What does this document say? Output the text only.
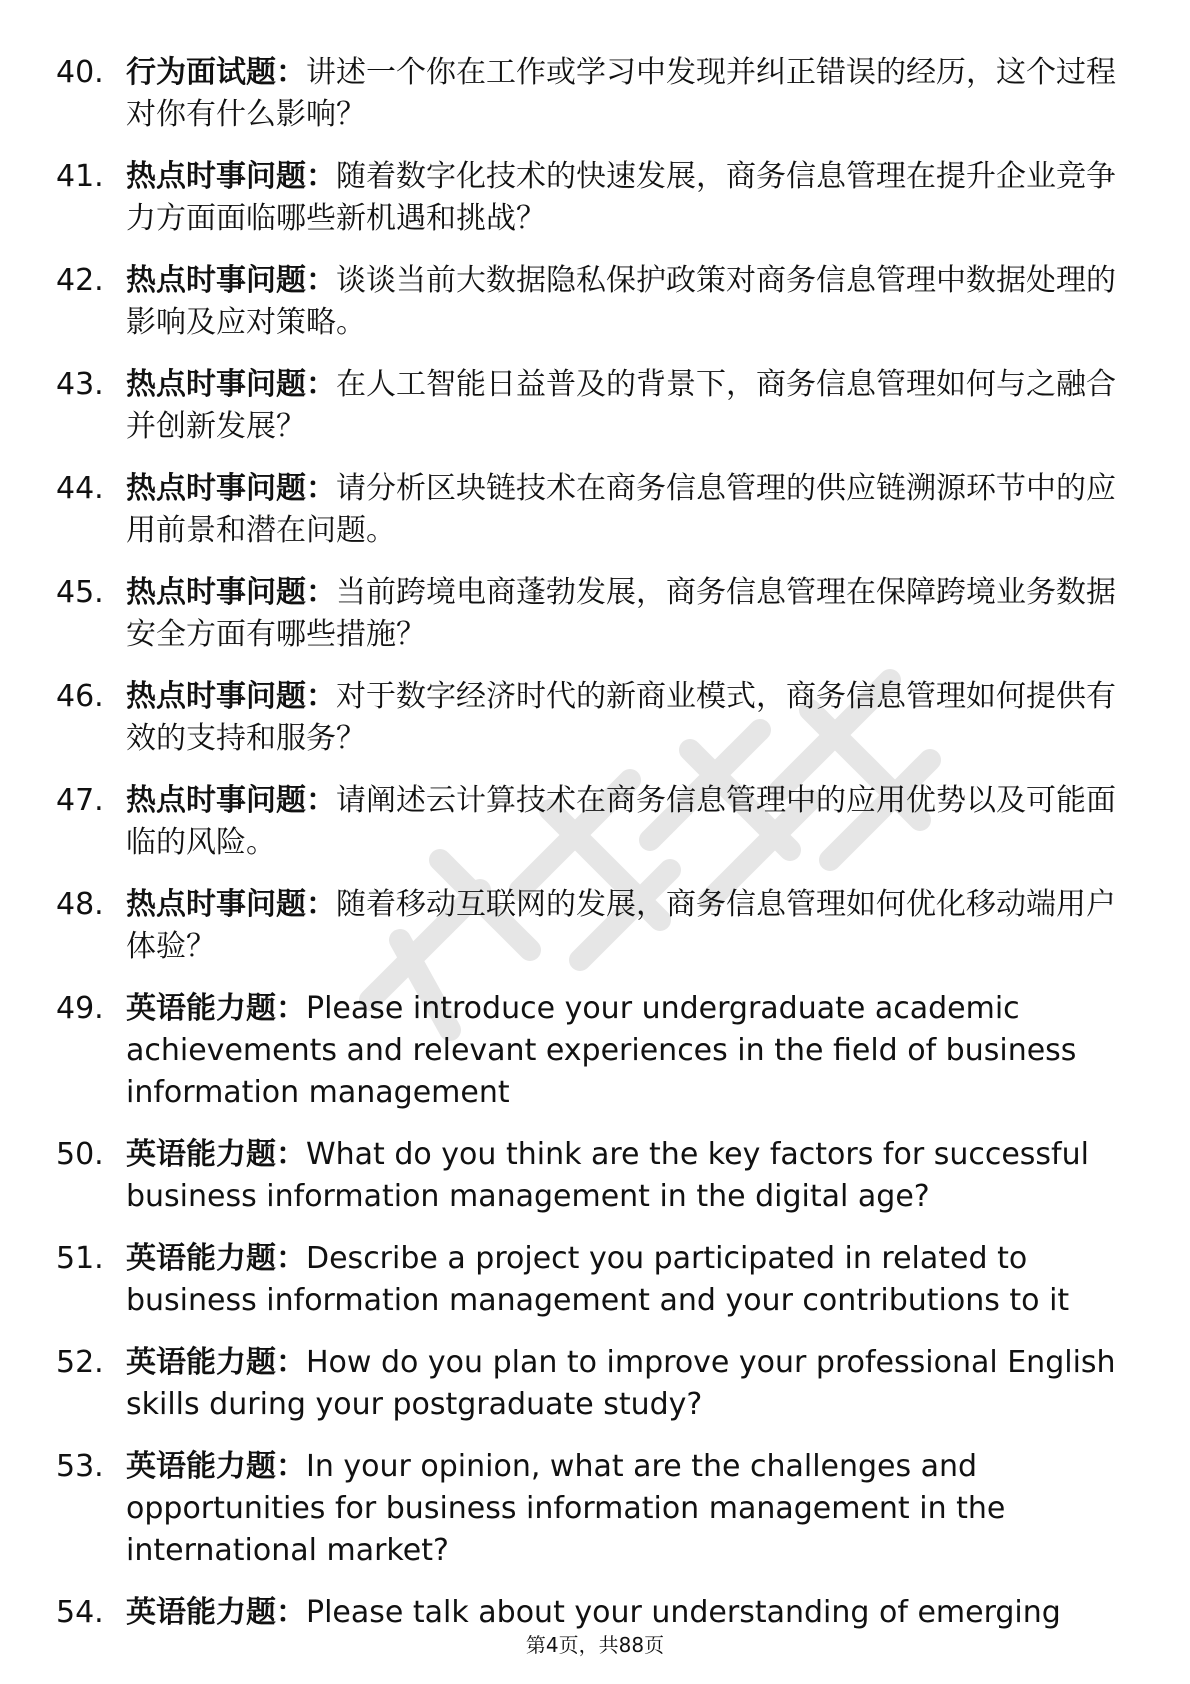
40. 行为面试题：讲述一个你在工作或学习中发现并纠正错误的经历，这个过程对你有什么影响？
41. 热点时事问题：随着数字化技术的快速发展，商务信息管理在提升企业竞争力方面面临哪些新机遇和挑战？
42. 热点时事问题：谈谈当前大数据隐私保护政策对商务信息管理中数据处理的影响及应对策略。
43. 热点时事问题：在人工智能日益普及的背景下，商务信息管理如何与之融合并创新发展？
44. 热点时事问题：请分析区块链技术在商务信息管理的供应链溯源环节中的应用前景和潜在问题。
45. 热点时事问题：当前跨境电商蓬勃发展，商务信息管理在保障跨境业务数据安全方面有哪些措施？
46. 热点时事问题：对于数字经济时代的新商业模式，商务信息管理如何提供有效的支持和服务？
47. 热点时事问题：请阐述云计算技术在商务信息管理中的应用优势以及可能面临的风险。
48. 热点时事问题：随着移动互联网的发展，商务信息管理如何优化移动端用户体验？
49. 英语能力题：Please introduce your undergraduate academic achievements and relevant experiences in the field of business information management
50. 英语能力题：What do you think are the key factors for successful business information management in the digital age?
51. 英语能力题：Describe a project you participated in related to business information management and your contributions to it
52. 英语能力题：How do you plan to improve your professional English skills during your postgraduate study?
53. 英语能力题：In your opinion, what are the challenges and opportunities for business information management in the international market?
54. 英语能力题：Please talk about your understanding of emerging
第4页，共88页
